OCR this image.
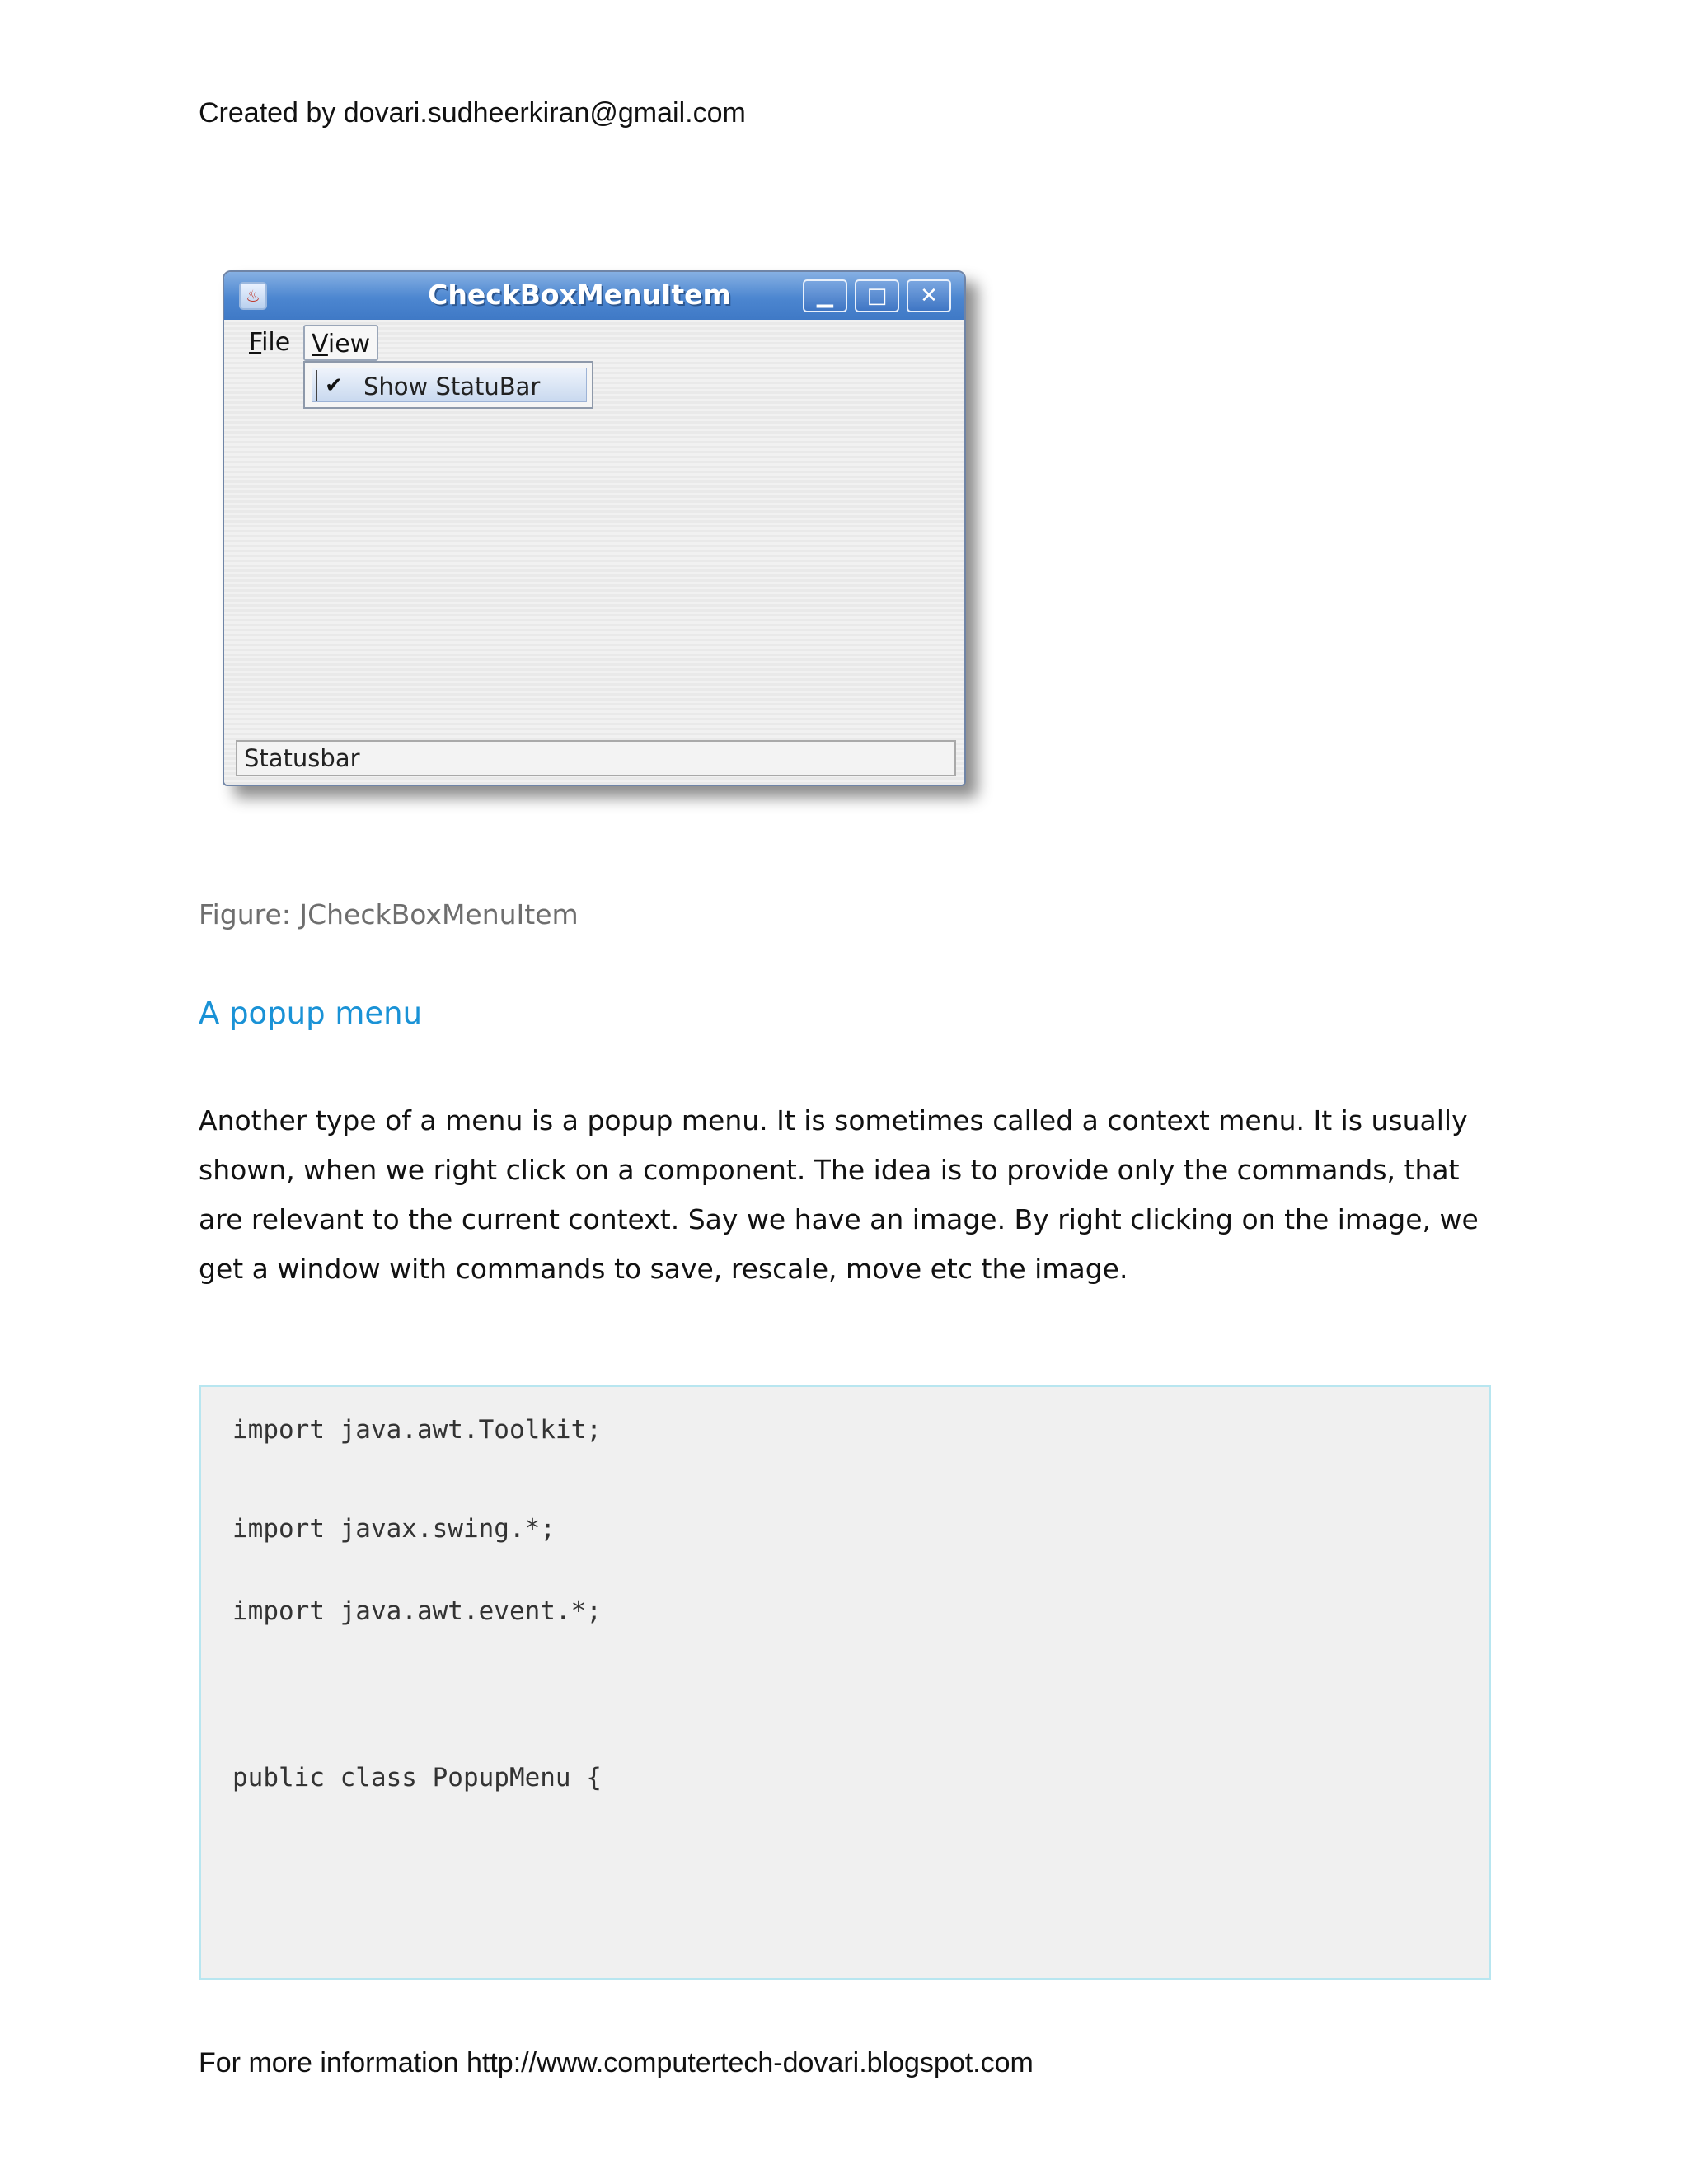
Created by dovari.sudheerkiran@gmail.com
♨	CheckBoxMenuItem	▁	□	✕
File View
✔ Show StatuBar
Statusbar
Figure: JCheckBoxMenuItem
A popup menu
Another type of a menu is a popup menu. It is sometimes called a context menu. It is usually shown, when we right click on a component. The idea is to provide only the commands, that are relevant to the current context. Say we have an image. By right clicking on the image, we get a window with commands to save, rescale, move etc the image.
import java.awt.Toolkit;
import javax.swing.*;
import java.awt.event.*;
public class PopupMenu {
For more information http://www.computertech-dovari.blogspot.com
